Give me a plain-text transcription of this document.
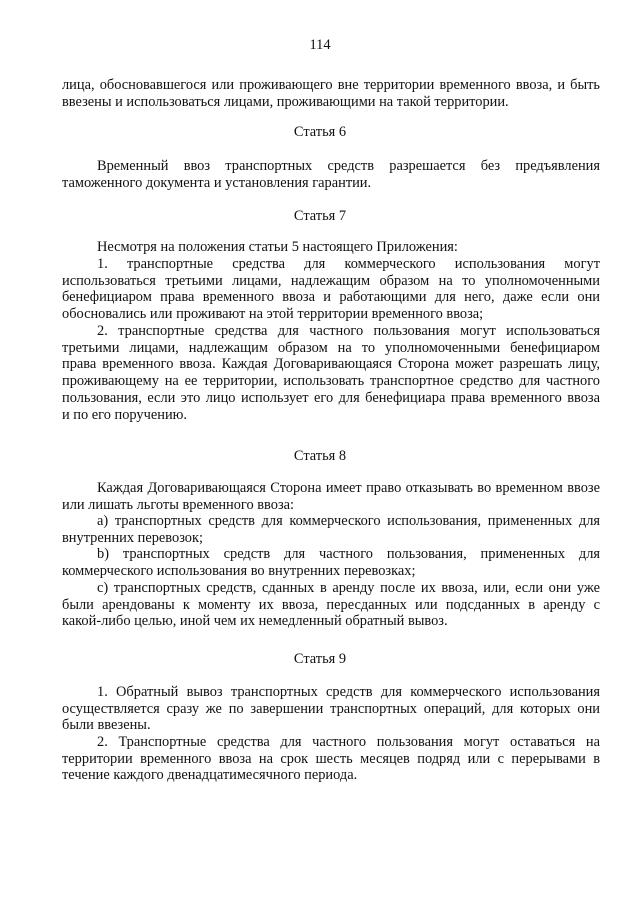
114
лица, обосновавшегося или проживающего вне территории временного ввоза, и быть
ввезены и использоваться лицами, проживающими на такой территории.
Статья 6
Временный ввоз транспортных средств разрешается без предъявления
таможенного документа и установления гарантии.
Статья 7
Несмотря на положения статьи 5 настоящего Приложения:
1. транспортные средства для коммерческого использования могут
использоваться третьими лицами, надлежащим образом на то уполномоченными
бенефициаром права временного ввоза и работающими для него, даже если они
обосновались или проживают на этой территории временного ввоза;
2. транспортные средства для частного пользования могут использоваться
третьими лицами, надлежащим образом на то уполномоченными бенефициаром
права временного ввоза. Каждая Договаривающаяся Сторона может разрешать лицу,
проживающему на ее территории, использовать транспортное средство для частного
пользования, если это лицо использует его для бенефициара права временного ввоза
и по его поручению.
Статья 8
Каждая Договаривающаяся Сторона имеет право отказывать во временном ввозе
или лишать льготы временного ввоза:
a) транспортных средств для коммерческого использования, примененных для
внутренних перевозок;
b) транспортных средств для частного пользования, примененных для
коммерческого использования во внутренних перевозках;
c) транспортных средств, сданных в аренду после их ввоза, или, если они уже
были арендованы к моменту их ввоза, пересданных или подсданных в аренду с
какой-либо целью, иной чем их немедленный обратный вывоз.
Статья 9
1. Обратный вывоз транспортных средств для коммерческого использования
осуществляется сразу же по завершении транспортных операций, для которых они
были ввезены.
2. Транспортные средства для частного пользования могут оставаться на
территории временного ввоза на срок шесть месяцев подряд или с перерывами в
течение каждого двенадцатимесячного периода.
